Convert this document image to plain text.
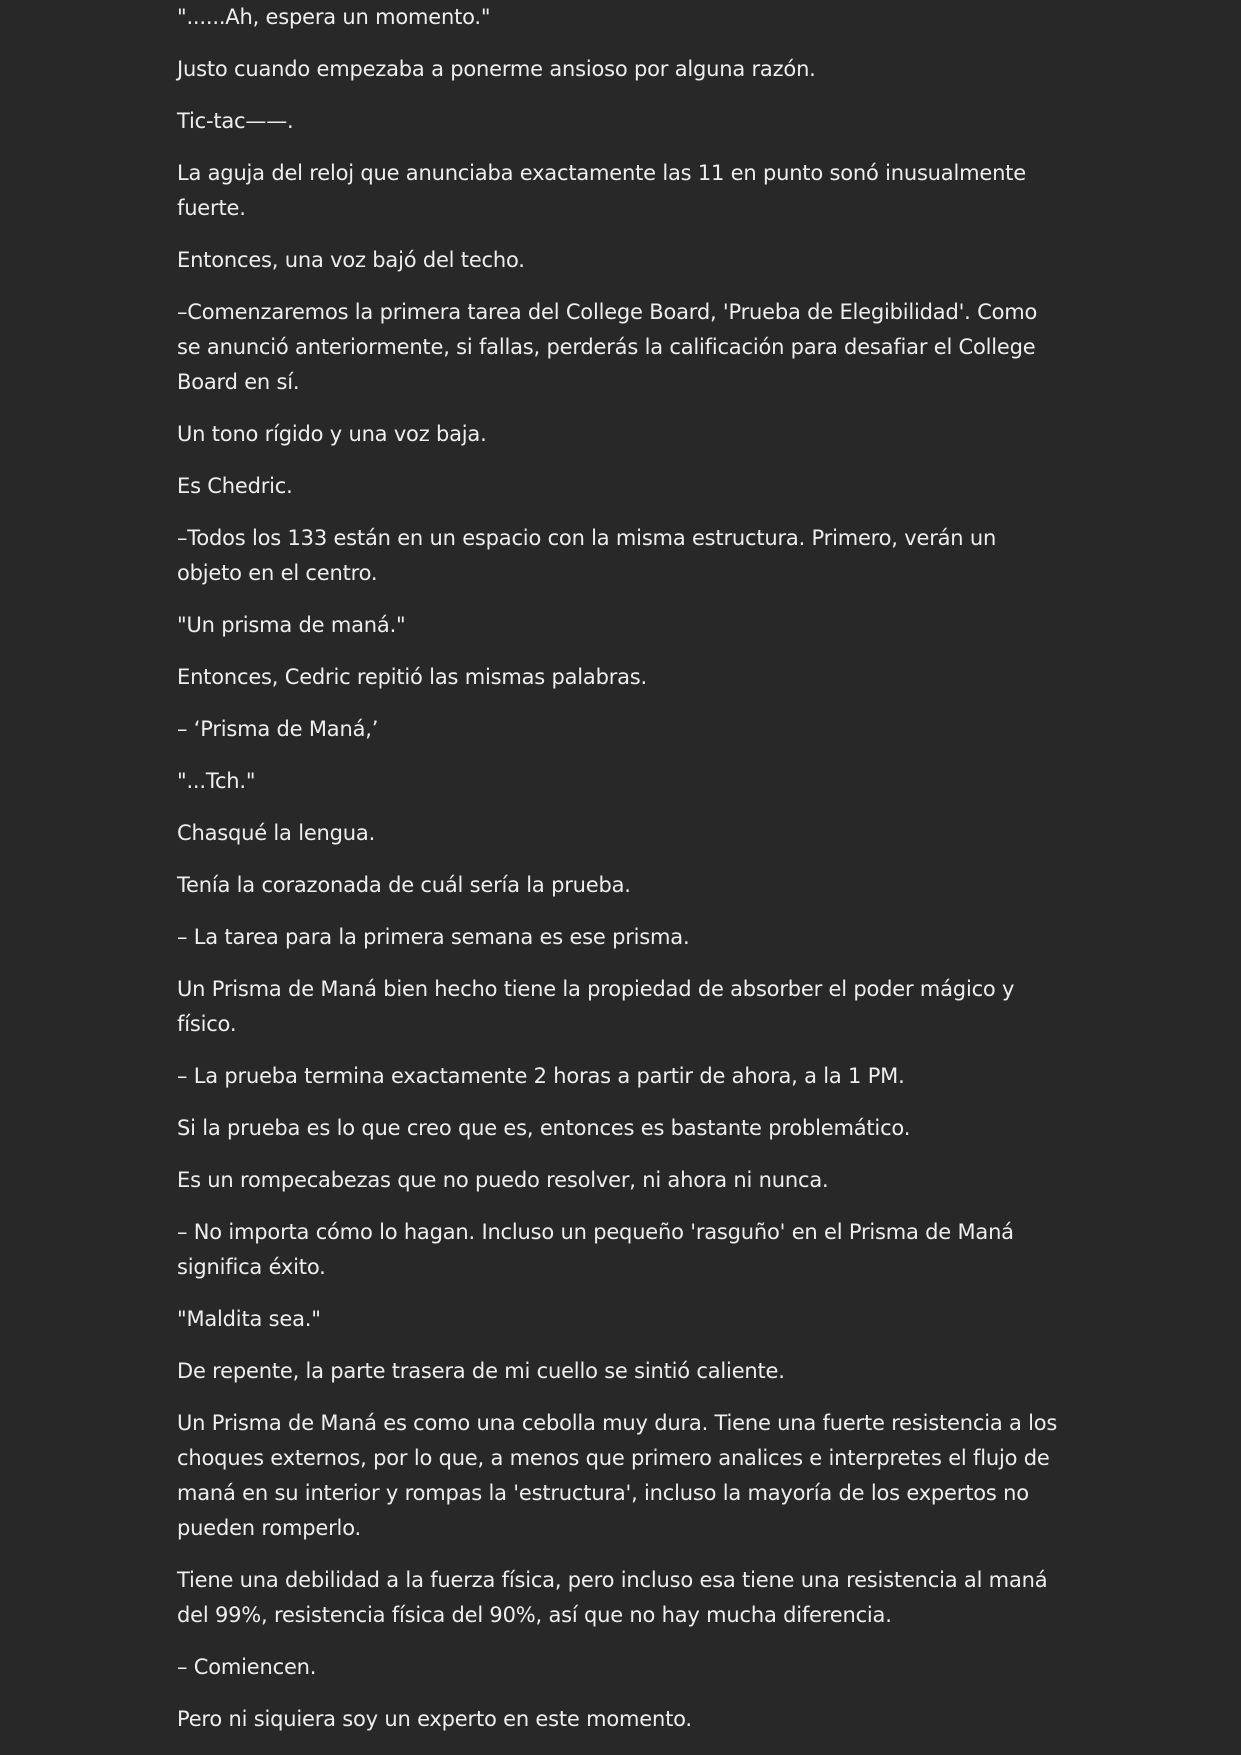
"......Ah, espera un momento."

Justo cuando empezaba a ponerme ansioso por alguna razón.

Tic-tac——.

La aguja del reloj que anunciaba exactamente las 11 en punto sonó inusualmente fuerte.

Entonces, una voz bajó del techo.

–Comenzaremos la primera tarea del College Board, 'Prueba de Elegibilidad'. Como se anunció anteriormente, si fallas, perderás la calificación para desafiar el College Board en sí.

Un tono rígido y una voz baja.

Es Chedric.

–Todos los 133 están en un espacio con la misma estructura. Primero, verán un objeto en el centro.

"Un prisma de maná."

Entonces, Cedric repitió las mismas palabras.

– ‘Prisma de Maná,’

"...Tch."

Chasqué la lengua.

Tenía la corazonada de cuál sería la prueba.

– La tarea para la primera semana es ese prisma.

Un Prisma de Maná bien hecho tiene la propiedad de absorber el poder mágico y físico.

– La prueba termina exactamente 2 horas a partir de ahora, a la 1 PM.

Si la prueba es lo que creo que es, entonces es bastante problemático.

Es un rompecabezas que no puedo resolver, ni ahora ni nunca.

– No importa cómo lo hagan. Incluso un pequeño 'rasguño' en el Prisma de Maná significa éxito.

"Maldita sea."

De repente, la parte trasera de mi cuello se sintió caliente.

Un Prisma de Maná es como una cebolla muy dura. Tiene una fuerte resistencia a los choques externos, por lo que, a menos que primero analices e interpretes el flujo de maná en su interior y rompas la 'estructura', incluso la mayoría de los expertos no pueden romperlo.

Tiene una debilidad a la fuerza física, pero incluso esa tiene una resistencia al maná del 99%, resistencia física del 90%, así que no hay mucha diferencia.

– Comiencen.

Pero ni siquiera soy un experto en este momento.
